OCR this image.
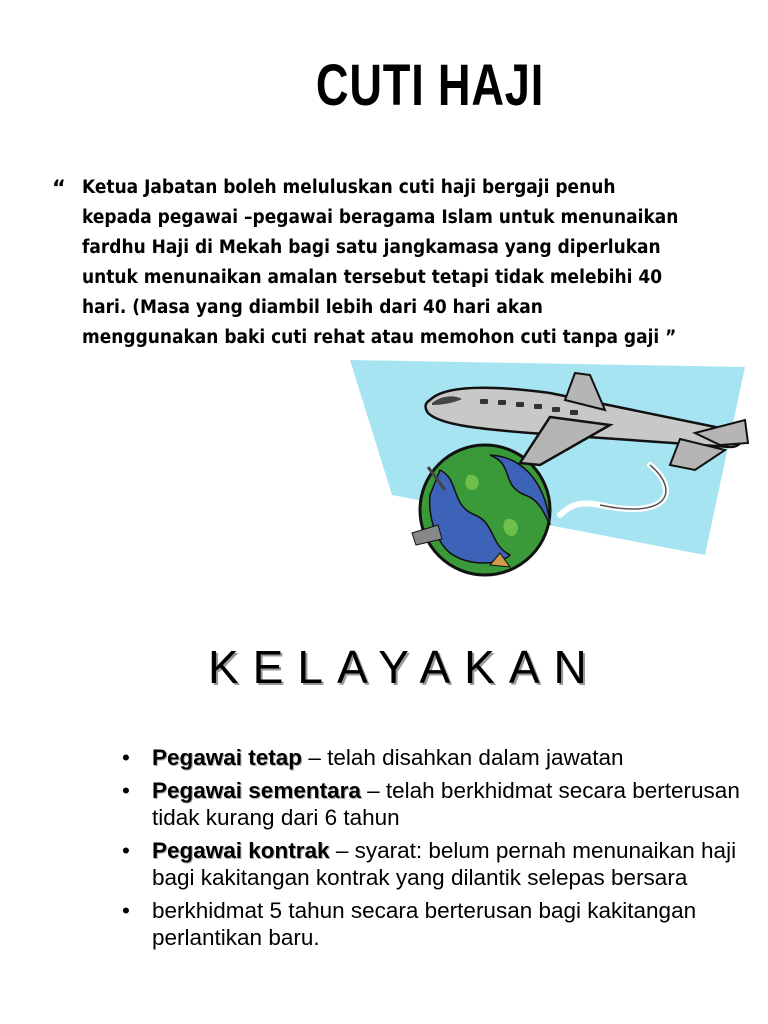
CUTI HAJI
“ Ketua Jabatan boleh meluluskan cuti haji bergaji penuh
kepada pegawai –pegawai beragama Islam untuk menunaikan
fardhu Haji di Mekah bagi satu jangkamasa yang diperlukan
untuk menunaikan amalan tersebut tetapi tidak melebihi 40
hari. (Masa yang diambil lebih dari 40 hari akan
menggunakan baki cuti rehat atau memohon cuti tanpa gaji ”

KELAYAKAN
• Pegawai tetap – telah disahkan dalam jawatan
• Pegawai sementara – telah berkhidmat secara berterusan tidak kurang dari 6 tahun
• Pegawai kontrak – syarat: belum pernah menunaikan haji bagi kakitangan kontrak yang dilantik selepas bersara
• berkhidmat 5 tahun secara berterusan bagi kakitangan perlantikan baru.
